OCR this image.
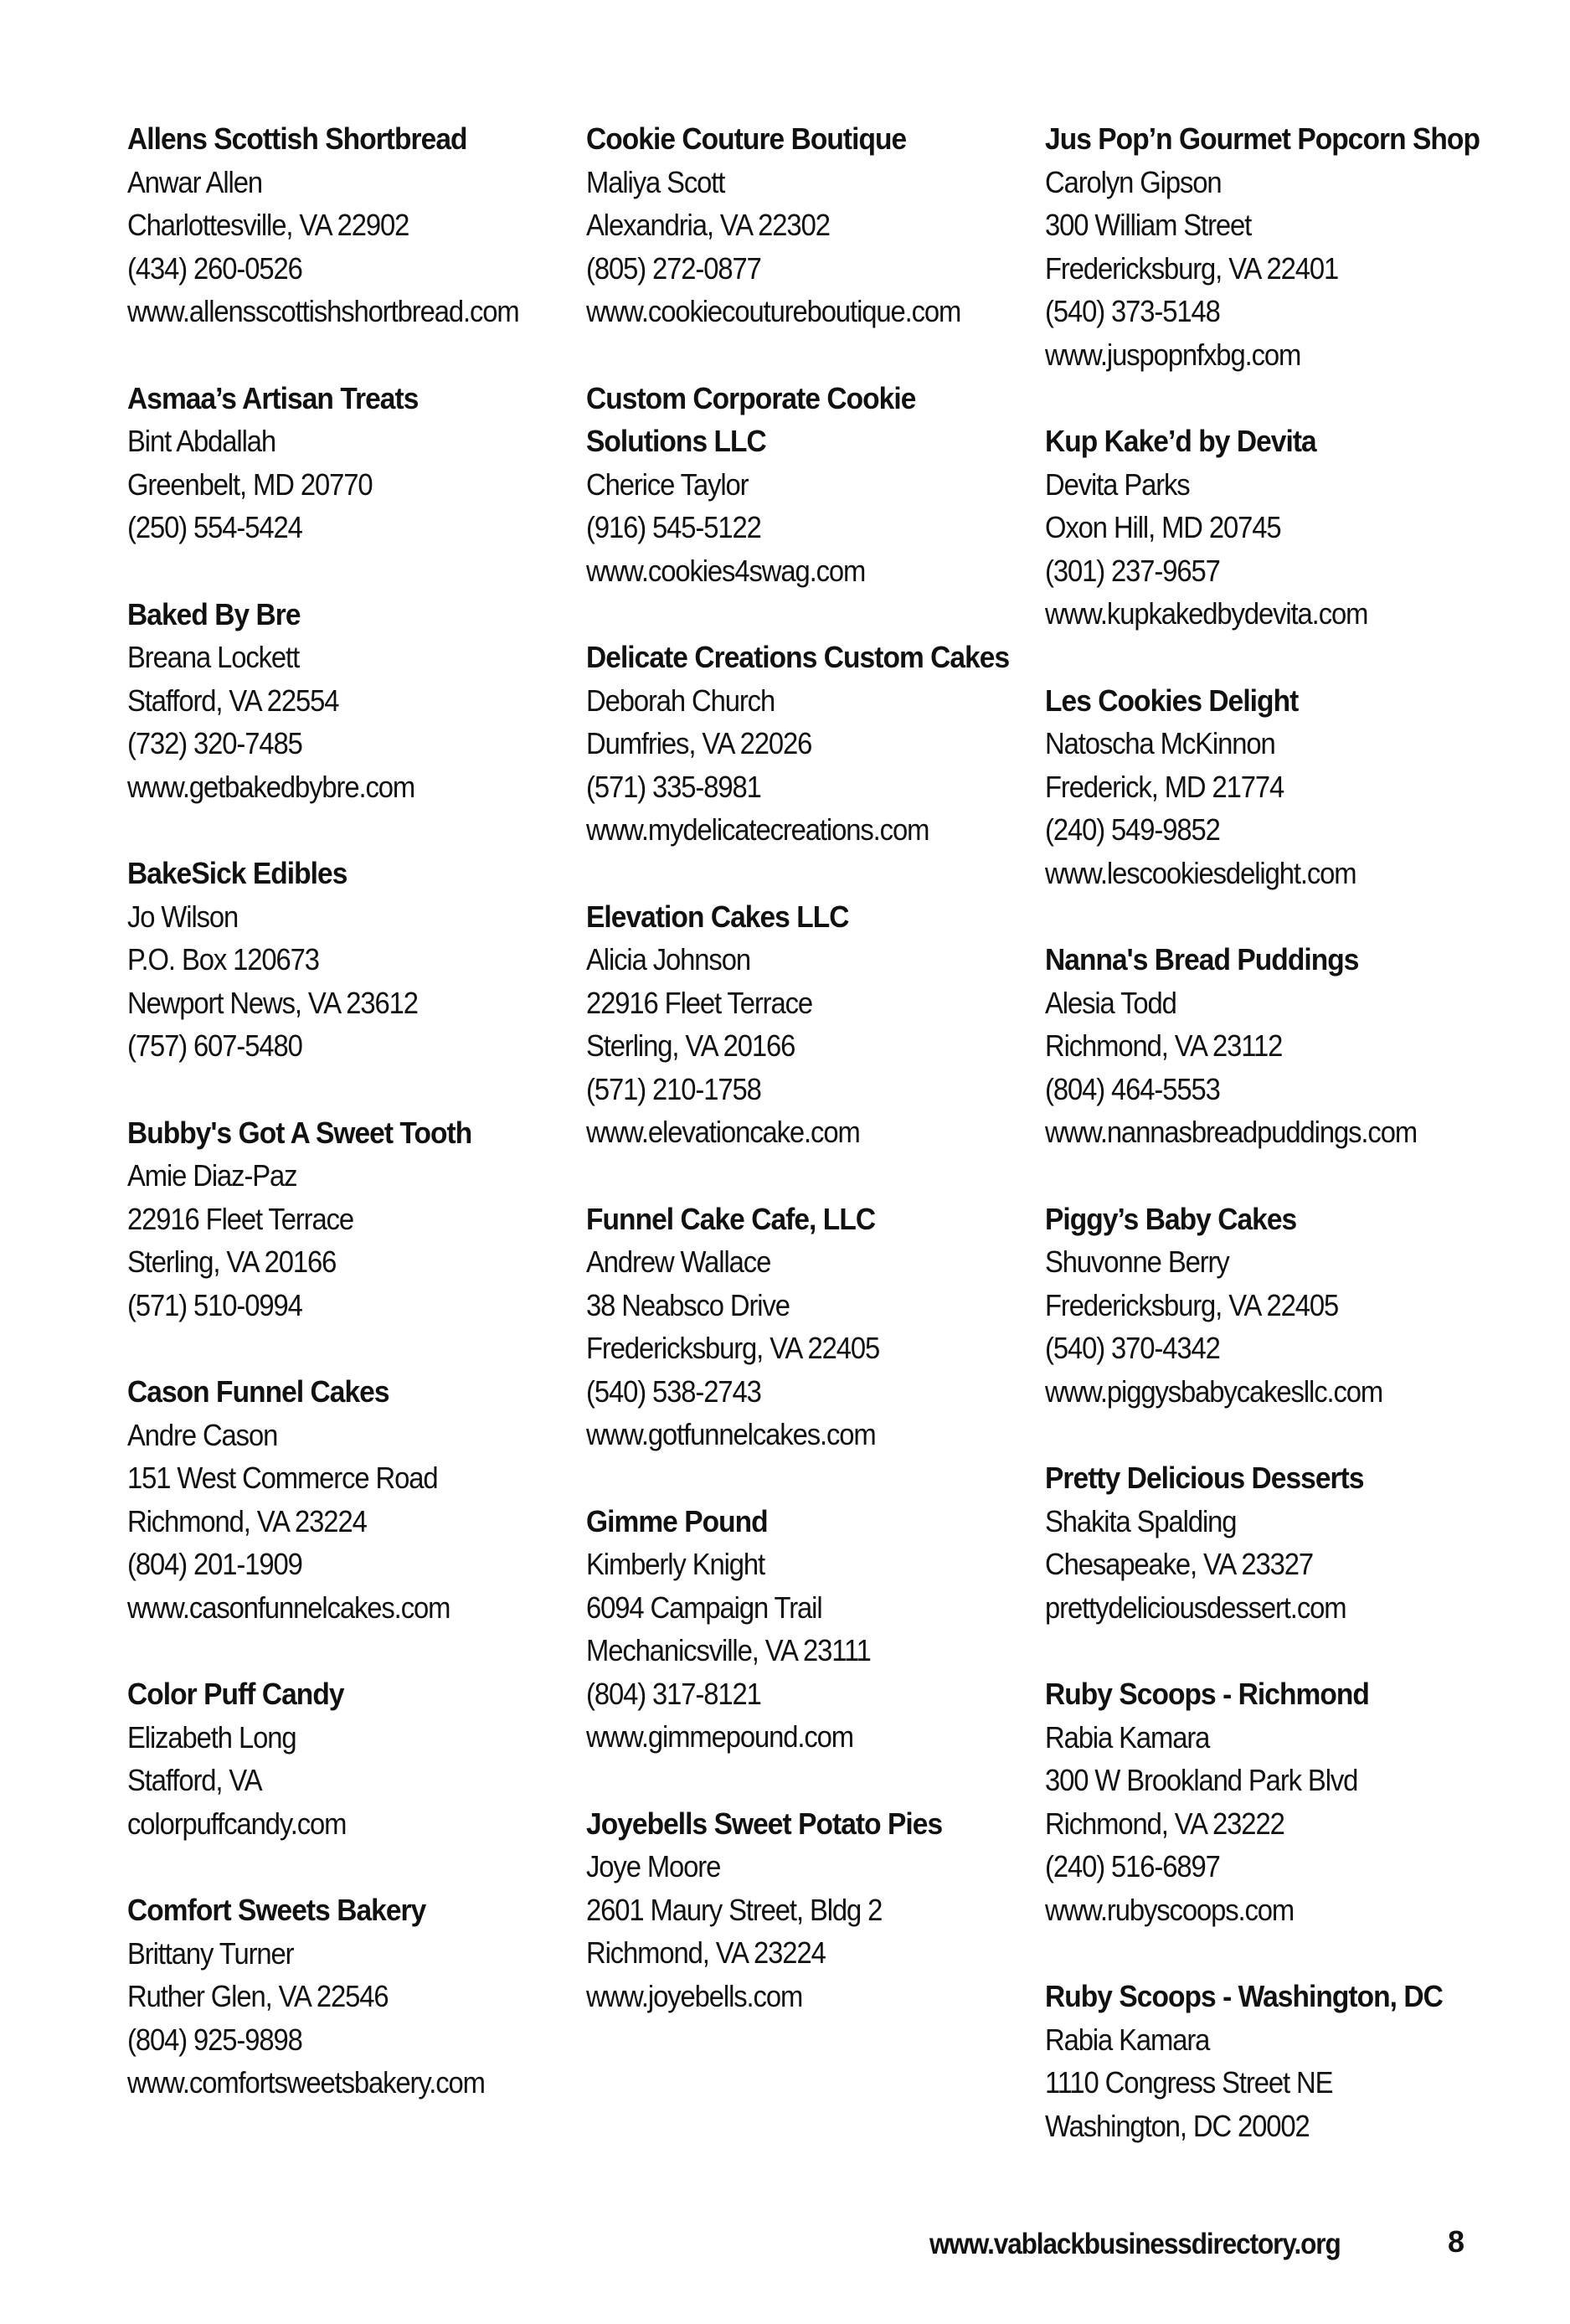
Allens Scottish Shortbread
Anwar Allen
Charlottesville, VA 22902
(434) 260-0526
www.allensscottishshortbread.com
Asmaa’s Artisan Treats
Bint Abdallah
Greenbelt, MD 20770
(250) 554-5424
Baked By Bre
Breana Lockett
Stafford, VA 22554
(732) 320-7485
www.getbakedbybre.com
BakeSick Edibles
Jo Wilson
P.O. Box 120673
Newport News, VA 23612
(757) 607-5480
Bubby's Got A Sweet Tooth
Amie Diaz-Paz
22916 Fleet Terrace
Sterling, VA 20166
(571) 510-0994
Cason Funnel Cakes
Andre Cason
151 West Commerce Road
Richmond, VA 23224
(804) 201-1909
www.casonfunnelcakes.com
Color Puff Candy
Elizabeth Long
Stafford, VA
colorpuffcandy.com
Comfort Sweets Bakery
Brittany Turner
Ruther Glen, VA 22546
(804) 925-9898
www.comfortsweetsbakery.com
Cookie Couture Boutique
Maliya Scott
Alexandria, VA 22302
(805) 272-0877
www.cookiecoutureboutique.com
Custom Corporate Cookie
Solutions LLC
Cherice Taylor
(916) 545-5122
www.cookies4swag.com
Delicate Creations Custom Cakes
Deborah Church
Dumfries, VA 22026
(571) 335-8981
www.mydelicatecreations.com
Elevation Cakes LLC
Alicia Johnson
22916 Fleet Terrace
Sterling, VA 20166
(571) 210-1758
www.elevationcake.com
Funnel Cake Cafe, LLC
Andrew Wallace
38 Neabsco Drive
Fredericksburg, VA 22405
(540) 538-2743
www.gotfunnelcakes.com
Gimme Pound
Kimberly Knight
6094 Campaign Trail
Mechanicsville, VA 23111
(804) 317-8121
www.gimmepound.com
Joyebells Sweet Potato Pies
Joye Moore
2601 Maury Street, Bldg 2
Richmond, VA 23224
www.joyebells.com
Jus Pop’n Gourmet Popcorn Shop
Carolyn Gipson
300 William Street
Fredericksburg, VA 22401
(540) 373-5148
www.juspopnfxbg.com
Kup Kake’d by Devita
Devita Parks
Oxon Hill, MD 20745
(301) 237-9657
www.kupkakedbydevita.com
Les Cookies Delight
Natoscha McKinnon
Frederick, MD 21774
(240) 549-9852
www.lescookiesdelight.com
Nanna's Bread Puddings
Alesia Todd
Richmond, VA 23112
(804) 464-5553
www.nannasbreadpuddings.com
Piggy’s Baby Cakes
Shuvonne Berry
Fredericksburg, VA 22405
(540) 370-4342
www.piggysbabycakesllc.com
Pretty Delicious Desserts
Shakita Spalding
Chesapeake, VA 23327
prettydeliciousdessert.com
Ruby Scoops - Richmond
Rabia Kamara
300 W Brookland Park Blvd
Richmond, VA 23222
(240) 516-6897
www.rubyscoops.com
Ruby Scoops - Washington, DC
Rabia Kamara
1110 Congress Street NE
Washington, DC 20002
www.vablackbusinessdirectory.org	8
